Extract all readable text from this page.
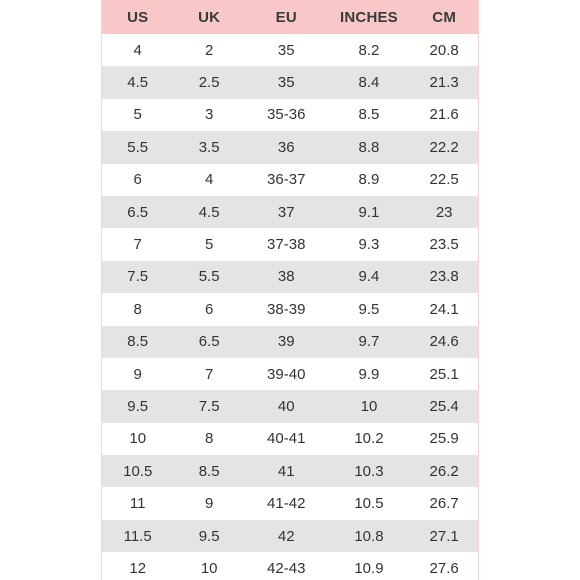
US	UK	EU	INCHES	CM
4	2	35	8.2	20.8
4.5	2.5	35	8.4	21.3
5	3	35-36	8.5	21.6
5.5	3.5	36	8.8	22.2
6	4	36-37	8.9	22.5
6.5	4.5	37	9.1	23
7	5	37-38	9.3	23.5
7.5	5.5	38	9.4	23.8
8	6	38-39	9.5	24.1
8.5	6.5	39	9.7	24.6
9	7	39-40	9.9	25.1
9.5	7.5	40	10	25.4
10	8	40-41	10.2	25.9
10.5	8.5	41	10.3	26.2
11	9	41-42	10.5	26.7
11.5	9.5	42	10.8	27.1
12	10	42-43	10.9	27.6
